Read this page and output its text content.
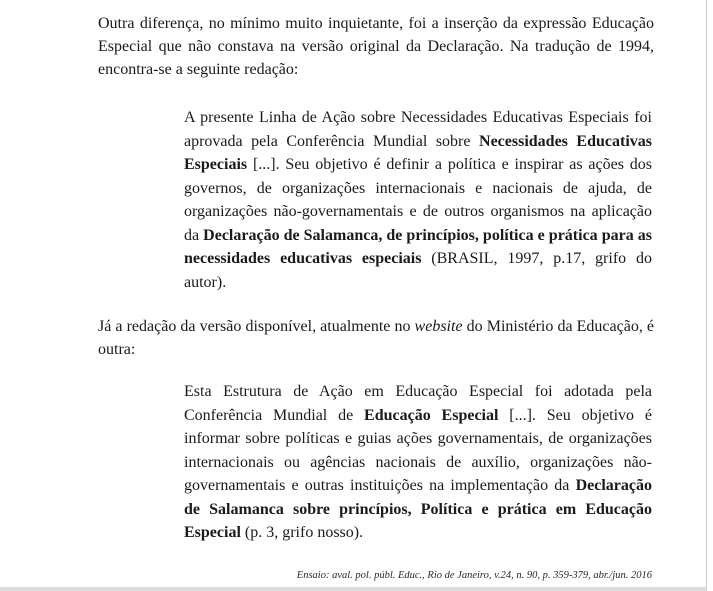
Outra diferença, no mínimo muito inquietante, foi a inserção da expressão Educação Especial que não constava na versão original da Declaração. Na tradução de 1994, encontra-se a seguinte redação:

A presente Linha de Ação sobre Necessidades Educativas Especiais foi aprovada pela Conferência Mundial sobre Necessidades Educativas Especiais [...]. Seu objetivo é definir a política e inspirar as ações dos governos, de organizações internacionais e nacionais de ajuda, de organizações não-governamentais e de outros organismos na aplicação da Declaração de Salamanca, de princípios, política e prática para as necessidades educativas especiais (BRASIL, 1997, p.17, grifo do autor).

Já a redação da versão disponível, atualmente no website do Ministério da Educação, é outra:

Esta Estrutura de Ação em Educação Especial foi adotada pela Conferência Mundial de Educação Especial [...]. Seu objetivo é informar sobre políticas e guias ações governamentais, de organizações internacionais ou agências nacionais de auxílio, organizações não-governamentais e outras instituições na implementação da Declaração de Salamanca sobre princípios, Política e prática em Educação Especial (p. 3, grifo nosso).

Ensaio: aval. pol. públ. Educ., Rio de Janeiro, v.24, n. 90, p. 359-379, abr./jun. 2016
